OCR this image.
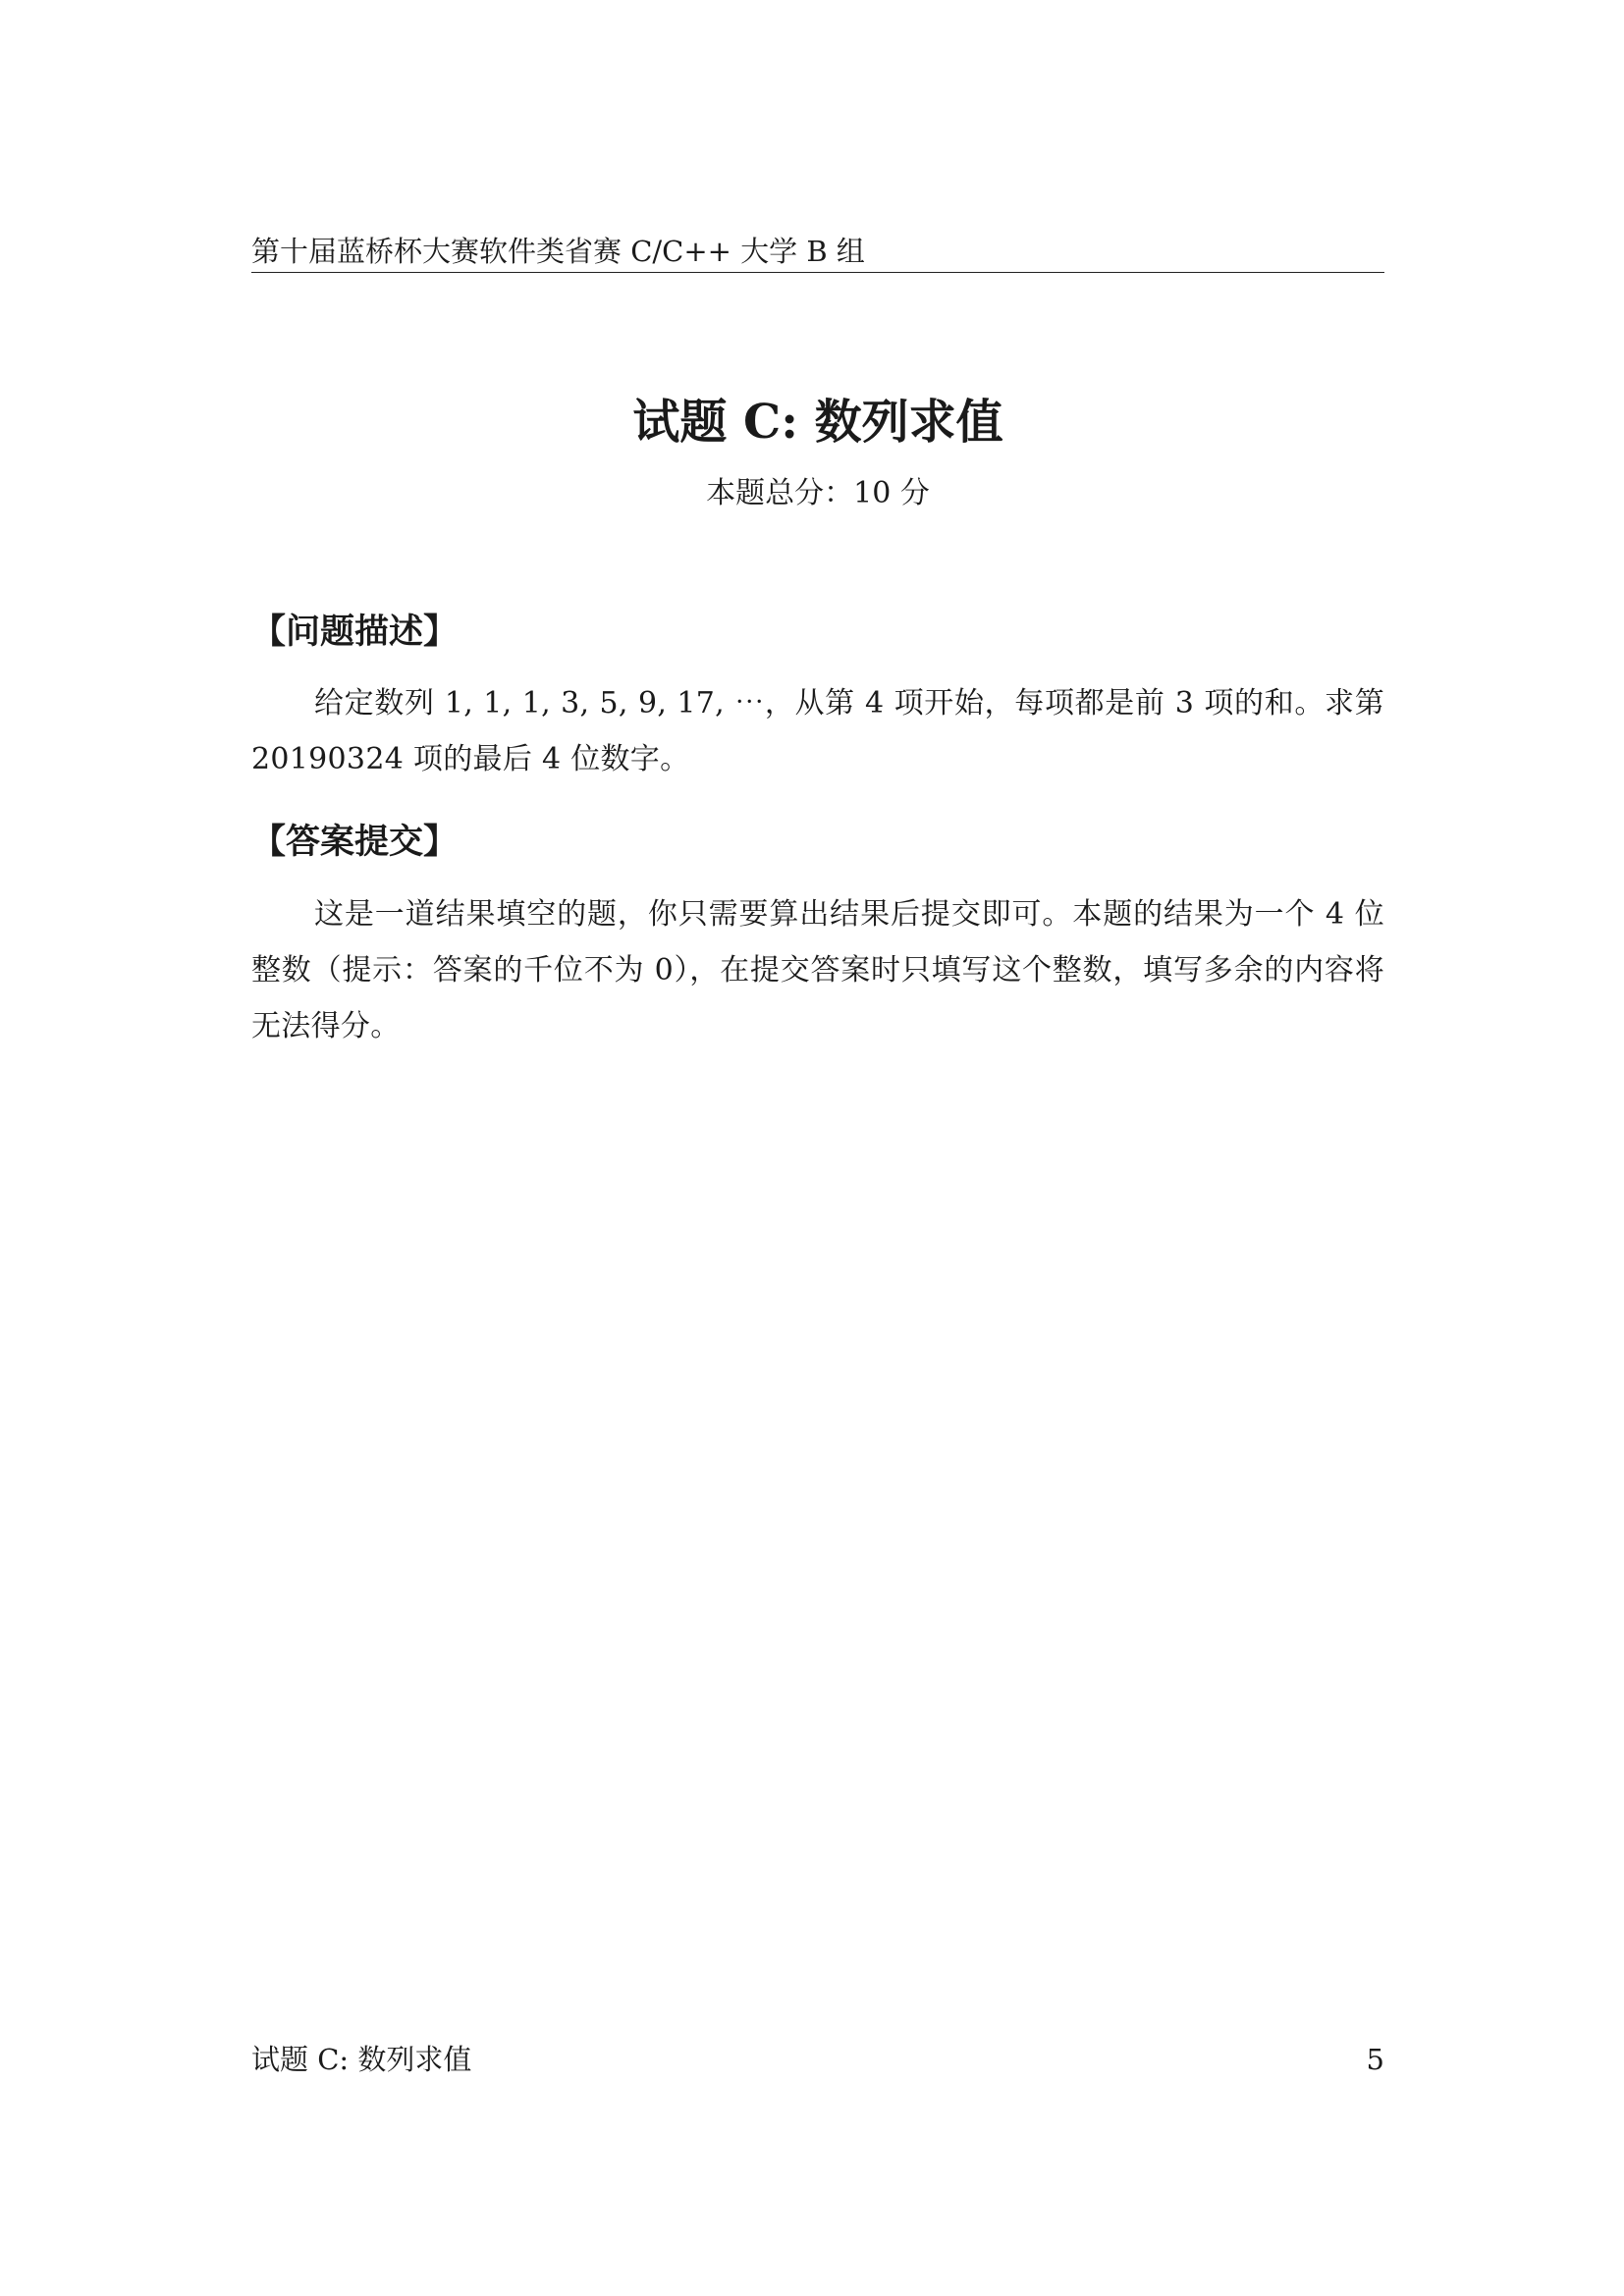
第十届蓝桥杯大赛软件类省赛 C/C++ 大学 B 组
试题 C: 数列求值
本题总分：10 分
【问题描述】
给定数列 1, 1, 1, 3, 5, 9, 17, ⋯，从第 4 项开始，每项都是前 3 项的和。求第 20190324 项的最后 4 位数字。
【答案提交】
这是一道结果填空的题，你只需要算出结果后提交即可。本题的结果为一个 4 位整数（提示：答案的千位不为 0），在提交答案时只填写这个整数，填写多余的内容将无法得分。
试题 C: 数列求值	5
